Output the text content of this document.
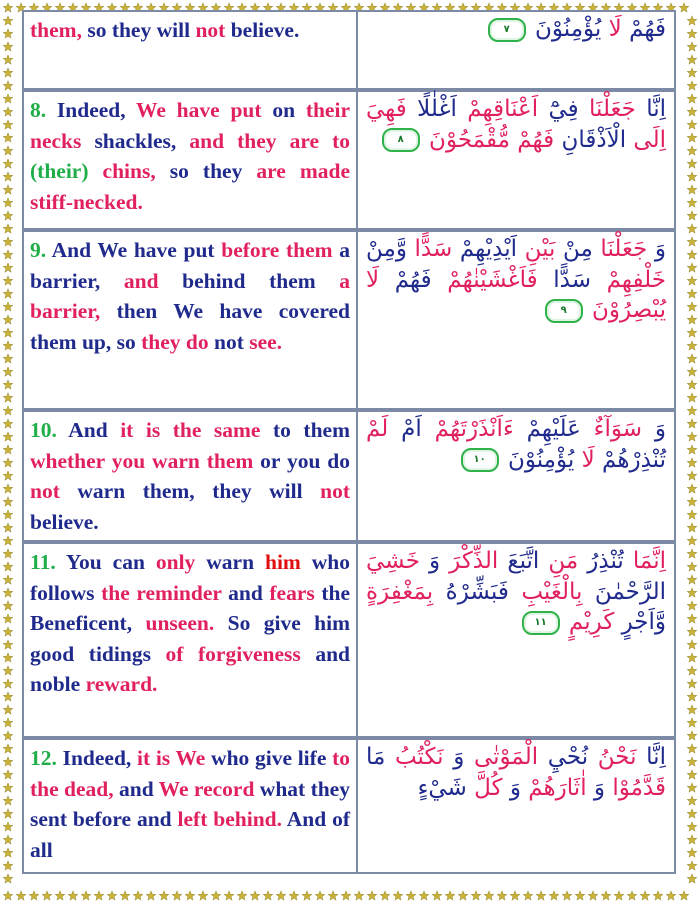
them, so they will not believe.	فَهُمْ لَا يُؤْمِنُوْنَ
٧
8. Indeed, We have put on their necks shackles, and they are to (their) chins, so they are made stiff-necked.
اِنَّا جَعَلْنَا فِيْٓ اَعْنَاقِهِمْ اَغْلٰلًا فَهِيَ اِلَى الْاَذْقَانِ فَهُمْ مُّقْمَحُوْنَ
٨
9. And We have put before them a barrier, and behind them a barrier, then We have covered them up, so they do not see.
وَ جَعَلْنَا مِنْ بَيْنِ اَيْدِيْهِمْ سَدًّا وَّمِنْ خَلْفِهِمْ سَدًّا فَاَغْشَيْنٰهُمْ فَهُمْ لَا يُبْصِرُوْنَ
٩
10. And it is the same to them whether you warn them or you do not warn them, they will not believe.
وَ سَوَآءٌ عَلَيْهِمْ ءَاَنْذَرْتَهُمْ اَمْ لَمْ تُنْذِرْهُمْ لَا يُؤْمِنُوْنَ
١٠
11. You can only warn him who follows the reminder and fears the Beneficent, unseen. So give him good tidings of forgiveness and noble reward.
اِنَّمَا تُنْذِرُ مَنِ اتَّبَعَ الذِّكْرَ وَ خَشِيَ الرَّحْمٰنَ بِالْغَيْبِ فَبَشِّرْهُ بِمَغْفِرَةٍ وَّاَجْرٍ كَرِيْمٍ
١١
12. Indeed, it is We who give life to the dead, and We record what they sent before and left behind. And of all
اِنَّا نَحْنُ نُحْيِ الْمَوْتٰى وَ نَكْتُبُ مَا قَدَّمُوْا وَ اٰثَارَهُمْ وَ كُلَّ شَيْءٍ
